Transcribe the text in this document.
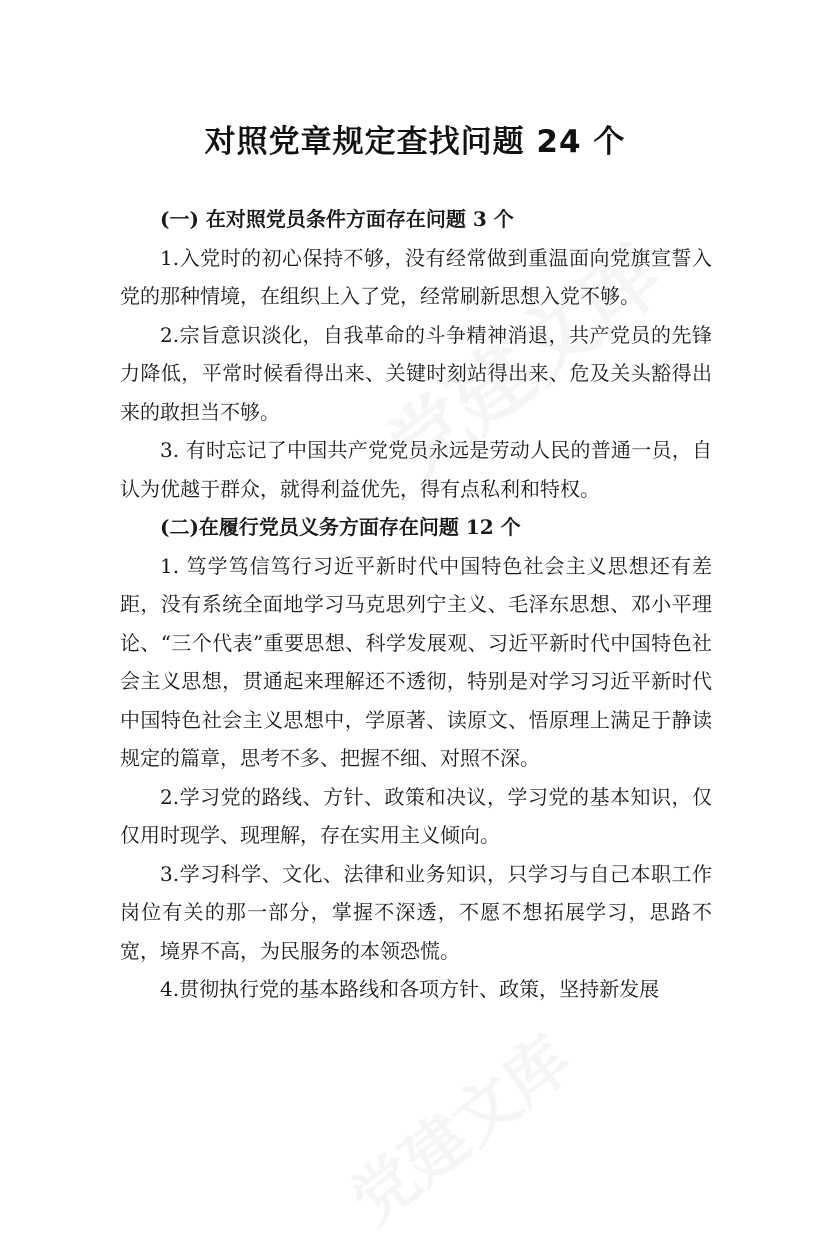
对照党章规定查找问题 24 个

(一) 在对照党员条件方面存在问题 3 个

1.入党时的初心保持不够，没有经常做到重温面向党旗宣誓入党的那种情境，在组织上入了党，经常刷新思想入党不够。

2.宗旨意识淡化，自我革命的斗争精神消退，共产党员的先锋力降低，平常时候看得出来、关键时刻站得出来、危及关头豁得出来的敢担当不够。

3. 有时忘记了中国共产党党员永远是劳动人民的普通一员，自认为优越于群众，就得利益优先，得有点私利和特权。

(二)在履行党员义务方面存在问题 12 个

1. 笃学笃信笃行习近平新时代中国特色社会主义思想还有差距，没有系统全面地学习马克思列宁主义、毛泽东思想、邓小平理论、“三个代表”重要思想、科学发展观、习近平新时代中国特色社会主义思想，贯通起来理解还不透彻，特别是对学习习近平新时代中国特色社会主义思想中，学原著、读原文、悟原理上满足于静读规定的篇章，思考不多、把握不细、对照不深。

2.学习党的路线、方针、政策和决议，学习党的基本知识，仅仅用时现学、现理解，存在实用主义倾向。

3.学习科学、文化、法律和业务知识，只学习与自己本职工作岗位有关的那一部分，掌握不深透，不愿不想拓展学习，思路不宽，境界不高，为民服务的本领恐慌。

4.贯彻执行党的基本路线和各项方针、政策，坚持新发展
